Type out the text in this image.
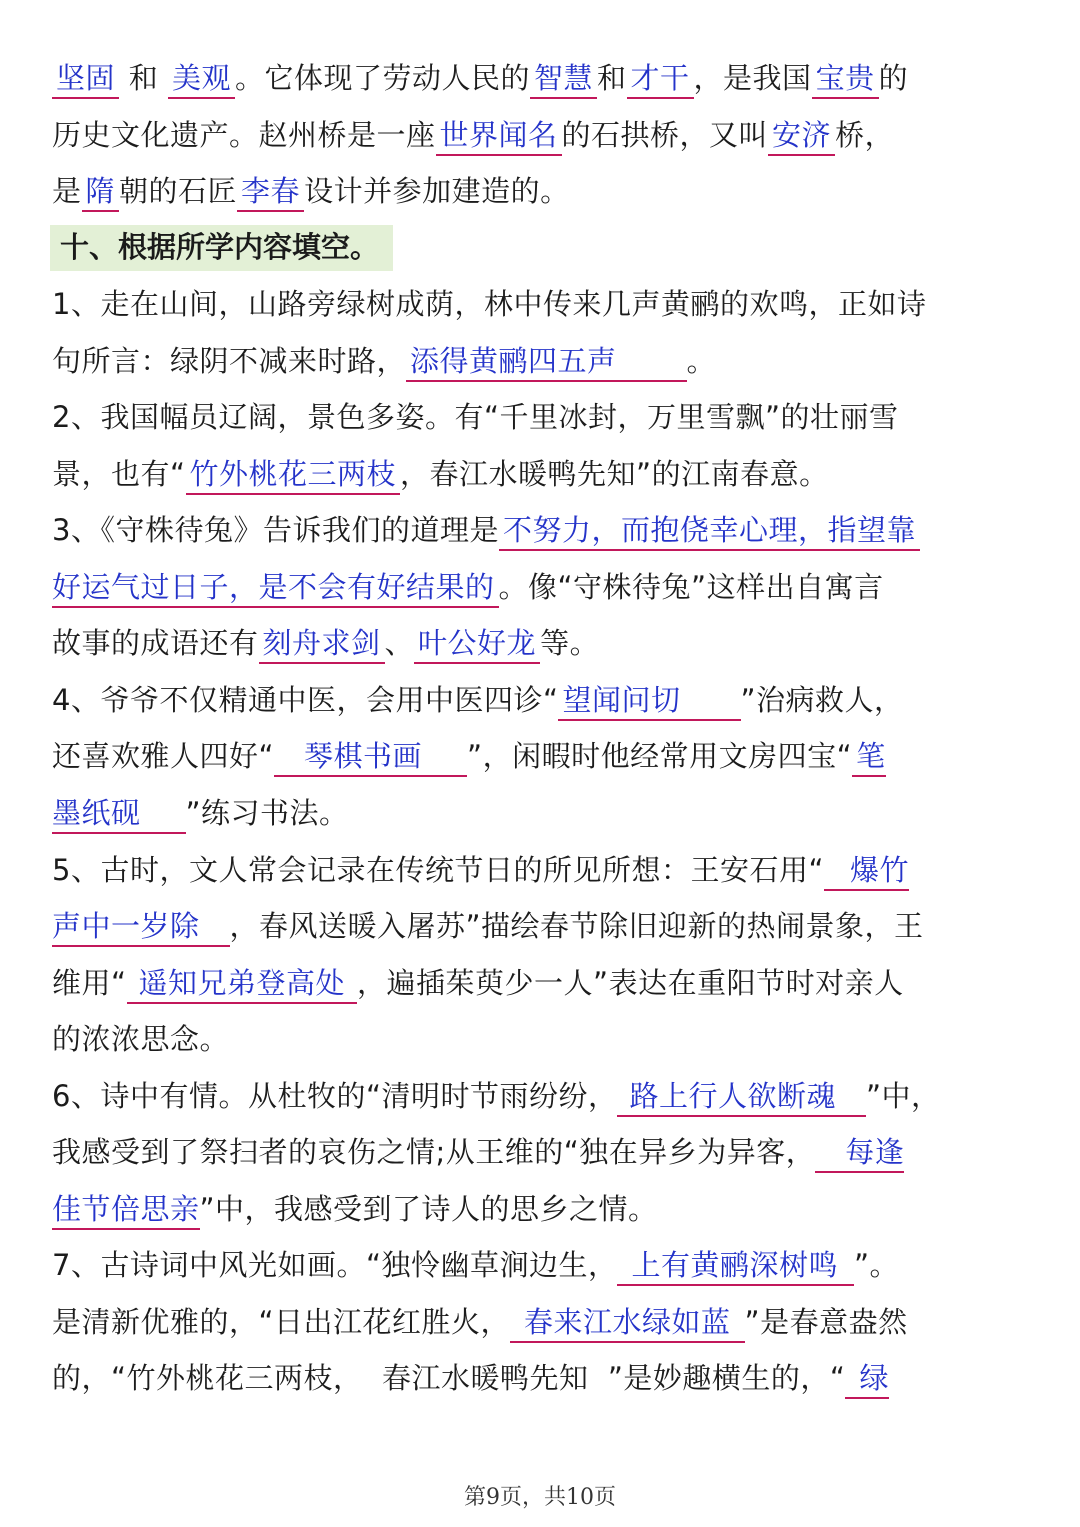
坚固 和 美观 。它体现了劳动人民的 智慧 和 才干 ，是我国 宝贵 的
历史文化遗产。赵州桥是一座 世界闻名 的石拱桥，又叫 安济 桥，
是 隋 朝的石匠 李春 设计并参加建造的。
十、根据所学内容填空。
1、走在山间，山路旁绿树成荫，林中传来几声黄鹂的欢鸣，正如诗
句所言：绿阴不减来时路， 添得黄鹂四五声 。
2、我国幅员辽阔，景色多姿。有“千里冰封，万里雪飘”的壮丽雪
景，也有“ 竹外桃花三两枝 ，春江水暖鸭先知”的江南春意。
3、《守株待兔》告诉我们的道理是 不努力，而抱侥幸心理，指望靠
好运气过日子，是不会有好结果的 。像“守株待兔”这样出自寓言
故事的成语还有 刻舟求剑 、 叶公好龙 等。
4、爷爷不仅精通中医，会用中医四诊“ 望闻问切 ”治病救人，
还喜欢雅人四好“ 琴棋书画 ”，闲暇时他经常用文房四宝“ 笔
墨纸砚 ”练习书法。
5、古时，文人常会记录在传统节日的所见所想：王安石用“ 爆竹
声中一岁除 ，春风送暖入屠苏”描绘春节除旧迎新的热闹景象，王
维用“ 遥知兄弟登高处 ，遍插茱萸少一人”表达在重阳节时对亲人
的浓浓思念。
6、诗中有情。从杜牧的“清明时节雨纷纷， 路上行人欲断魂 ”中，
我感受到了祭扫者的哀伤之情;从王维的“独在异乡为异客， 每逢
佳节倍思亲”中，我感受到了诗人的思乡之情。
7、古诗词中风光如画。“独怜幽草涧边生， 上有黄鹂深树鸣 ”。
是清新优雅的，“日出江花红胜火， 春来江水绿如蓝 ”是春意盎然
的，“竹外桃花三两枝，  春江水暖鸭先知  ”是妙趣横生的，“ 绿
第9页，共10页
